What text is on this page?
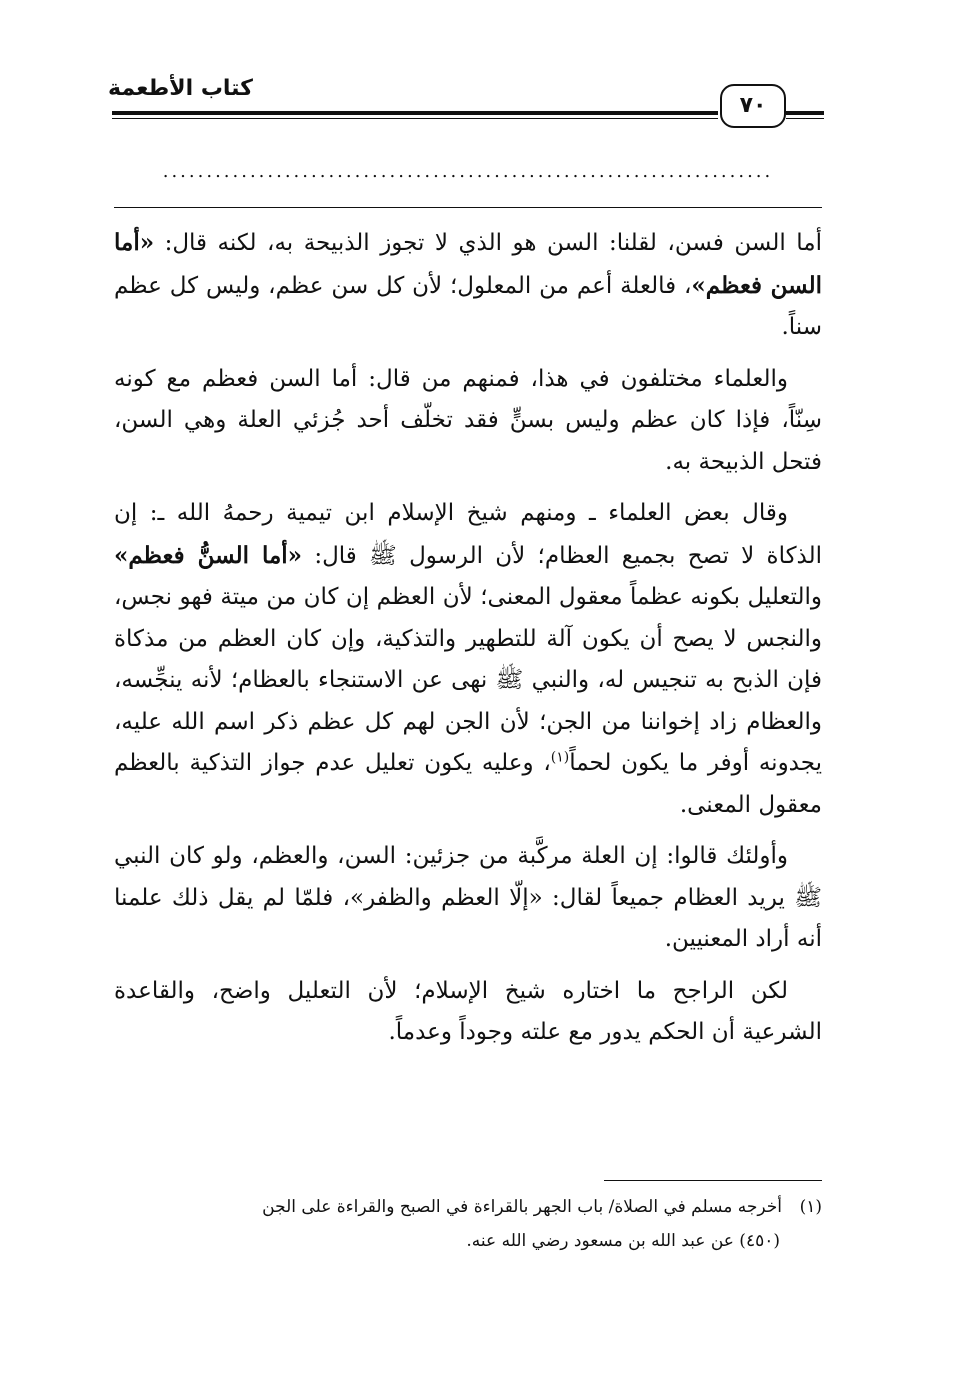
كتاب الأطعمة
٧٠
......................................................................

أما السن فسن، لقلنا: السن هو الذي لا تجوز الذبيحة به، لكنه قال: «أما السن فعظم»، فالعلة أعم من المعلول؛ لأن كل سن عظم، وليس كل عظم سناً.

والعلماء مختلفون في هذا، فمنهم من قال: أما السن فعظم مع كونه سِنّاً، فإذا كان عظم وليس بسنٍّ فقد تخلّف أحد جُزئي العلة وهي السن، فتحل الذبيحة به.

وقال بعض العلماء ـ ومنهم شيخ الإسلام ابن تيمية رحمهُ الله ـ: إن الذكاة لا تصح بجميع العظام؛ لأن الرسول ﷺ قال: «أما السنُّ فعظم» والتعليل بكونه عظماً معقول المعنى؛ لأن العظم إن كان من ميتة فهو نجس، والنجس لا يصح أن يكون آلة للتطهير والتذكية، وإن كان العظم من مذكاة فإن الذبح به تنجيس له، والنبي ﷺ نهى عن الاستنجاء بالعظام؛ لأنه ينجِّسه، والعظام زاد إخواننا من الجن؛ لأن الجن لهم كل عظم ذكر اسم الله عليه، يجدونه أوفر ما يكون لحماً$^{(١)}$، وعليه يكون تعليل عدم جواز التذكية بالعظم معقول المعنى.

وأولئك قالوا: إن العلة مركَّبة من جزئين: السن، والعظم، ولو كان النبي ﷺ يريد العظام جميعاً لقال: «إلّا العظم والظفر»، فلمّا لم يقل ذلك علمنا أنه أراد المعنيين.

لكن الراجح ما اختاره شيخ الإسلام؛ لأن التعليل واضح، والقاعدة الشرعية أن الحكم يدور مع علته وجوداً وعدماً.

(١)أخرجه مسلم في الصلاة/ باب الجهر بالقراءة في الصبح والقراءة على الجن
(٤٥٠) عن عبد الله بن مسعود رضي الله عنه.
